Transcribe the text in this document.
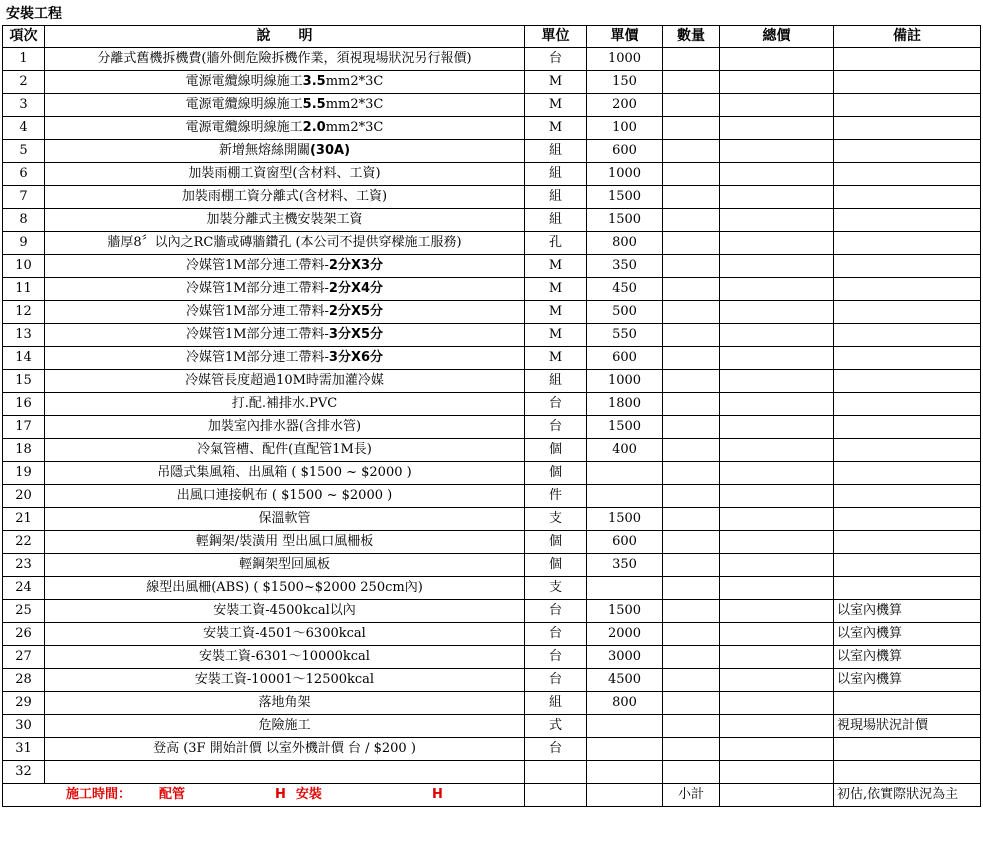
安裝工程
項次	說　　明	單位	單價	數量	總價	備註
1	分離式舊機拆機費(牆外側危險拆機作業，須視現場狀況另行報價)	台	1000			
2	電源電纜線明線施工3.5mm2*3C	M	150			
3	電源電纜線明線施工5.5mm2*3C	M	200			
4	電源電纜線明線施工2.0mm2*3C	M	100			
5	新增無熔絲開關(30A)	組	600			
6	加裝雨棚工資窗型(含材料、工資)	組	1000			
7	加裝雨棚工資分離式(含材料、工資)	組	1500			
8	加裝分離式主機安裝架工資	組	1500			
9	牆厚8〞以內之RC牆或磚牆鑽孔 (本公司不提供穿樑施工服務)	孔	800			
10	冷媒管1M部分連工帶料-2分X3分	M	350			
11	冷媒管1M部分連工帶料-2分X4分	M	450			
12	冷媒管1M部分連工帶料-2分X5分	M	500			
13	冷媒管1M部分連工帶料-3分X5分	M	550			
14	冷媒管1M部分連工帶料-3分X6分	M	600			
15	冷媒管長度超過10M時需加灌冷媒	組	1000			
16	打.配.補排水.PVC	台	1800			
17	加裝室內排水器(含排水管)	台	1500			
18	冷氣管槽、配件(直配管1M長)	個	400			
19	吊隱式集風箱、出風箱 ( $1500 ~ $2000 )	個				
20	出風口連接帆布 ( $1500 ~ $2000 )	件				
21	保溫軟管	支	1500			
22	輕鋼架/裝潢用 型出風口風柵板	個	600			
23	輕鋼架型回風板	個	350			
24	線型出風柵(ABS) ( $1500~$2000 250cm內)	支				
25	安裝工資-4500kcal以內	台	1500			以室內機算
26	安裝工資-4501～6300kcal	台	2000			以室內機算
27	安裝工資-6301～10000kcal	台	3000			以室內機算
28	安裝工資-10001～12500kcal	台	4500			以室內機算
29	落地角架	組	800			
30	危險施工	式				視現場狀況計價
31	登高 (3F 開始計價 以室外機計價 台 / $200 )	台				
32						

施工時間： 配管 H 安裝 H				小計		初估,依實際狀況為主
